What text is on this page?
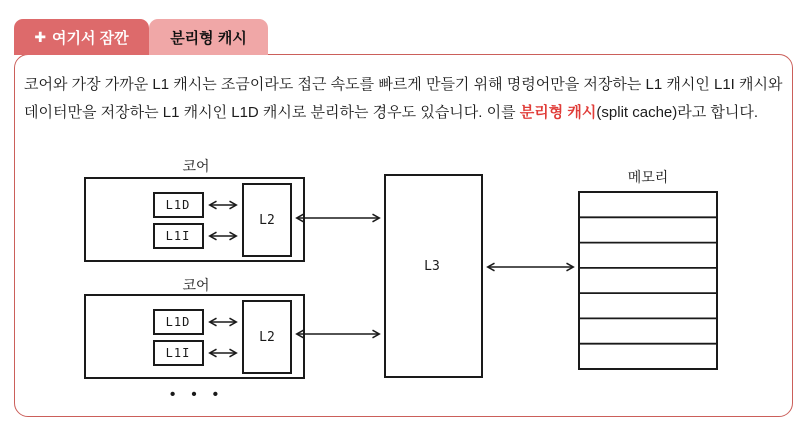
✚ 여기서 잠깐	분리형 캐시
코어와 가장 가까운 L1 캐시는 조금이라도 접근 속도를 빠르게 만들기 위해 명령어만을 저장하는 L1 캐시인 L1I 캐시와
데이터만을 저장하는 L1 캐시인 L1D 캐시로 분리하는 경우도 있습니다. 이를 분리형 캐시(split cache)라고 합니다.
코어
L1D
L1I
L2
코어
L1D
L1I
L2
• • •
L3
메모리
